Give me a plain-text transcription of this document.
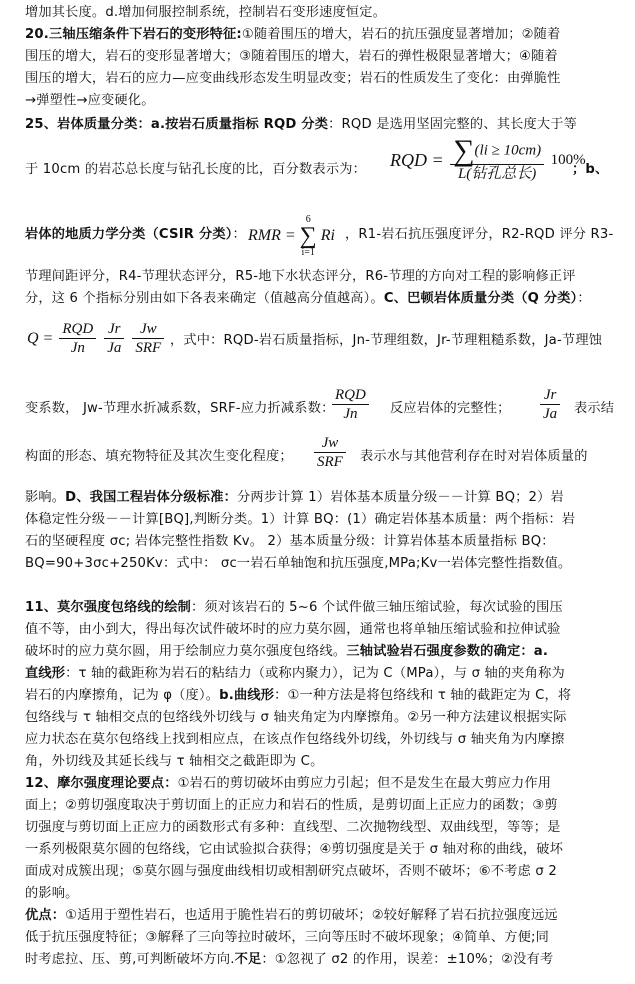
增加其长度。d.增加伺服控制系统，控制岩石变形速度恒定。
20.三轴压缩条件下岩石的变形特征:①随着围压的增大，岩石的抗压强度显著增加；②随着
围压的增大，岩石的变形显著增大；③随着围压的增大，岩石的弹性极限显著增大；④随着
围压的增大，岩石的应力—应变曲线形态发生明显改变；岩石的性质发生了变化：由弹脆性
→弹塑性→应变硬化。
25、岩体质量分类：a.按岩石质量指标 RQD 分类：RQD 是选用坚固完整的、其长度大于等
于 10cm 的岩芯总长度与钻孔长度的比，百分数表示为： RQD = $\frac{\sum(li \ge 10cm)}{\text{L(钻孔总长)}} 100\%$
；b、
岩体的地质力学分类（CSIR 分类）： RMR =
6
∑
i=1
Ri ，R1-岩石抗压强度评分，R2-RQD 评分 R3-
节理间距评分，R4-节理状态评分，R5-地下水状态评分，R6-节理的方向对工程的影响修正评
分，这 6 个指标分别由如下各表来确定（值越高分值越高）。C、巴顿岩体质量分类（Q 分类）：
$Q = \frac{\text{RQD}}{Jn}$
$\frac{Jr}{Ja}$
$\frac{Jw}{\text{SRF}}$ ，式中：RQD-岩石质量指标，Jn-节理组数，Jr-节理粗糙系数，Ja-节理蚀
变系数， Jw-节理水折减系数，SRF-应力折减系数：
$\frac{\text{RQD}}{Jn}$ 反应岩体的完整性； $\frac{Jr}{Ja}$ 表示结
构面的形态、填充物特征及其次生变化程度； $\frac{Jw}{\text{SRF}}$ 表示水与其他营利存在时对岩体质量的
影响。D、我国工程岩体分级标准：分两步计算 1）岩体基本质量分级－－计算 BQ；2）岩
体稳定性分级－－计算[BQ],判断分类。1）计算 BQ：(1）确定岩体基本质量：两个指标：岩
石的坚硬程度 σc; 岩体完整性指数 Kv。 2）基本质量分级：计算岩体基本质量指标 BQ：
BQ=90+3σc+250Kv：式中： σc一岩石单轴饱和抗压强度,MPa;Kv一岩体完整性指数值。
11、莫尔强度包络线的绘制：须对该岩石的 5~6 个试件做三轴压缩试验，每次试验的围压
值不等，由小到大，得出每次试件破坏时的应力莫尔圆，通常也将单轴压缩试验和拉伸试验
破坏时的应力莫尔圆，用于绘制应力莫尔强度包络线。三轴试验岩石强度参数的确定：a.
直线形：τ 轴的截距称为岩石的粘结力（或称内聚力），记为 C（MPa），与 σ 轴的夹角称为
岩石的内摩擦角，记为 φ（度）。b.曲线形：①一种方法是将包络线和 τ 轴的截距定为 C，将
包络线与 τ 轴相交点的包络线外切线与 σ 轴夹角定为内摩擦角。②另一种方法建议根据实际
应力状态在莫尔包络线上找到相应点，在该点作包络线外切线，外切线与 σ 轴夹角为内摩擦
角，外切线及其延长线与 τ 轴相交之截距即为 C。
12、摩尔强度理论要点：①岩石的剪切破坏由剪应力引起；但不是发生在最大剪应力作用
面上；②剪切强度取决于剪切面上的正应力和岩石的性质，是剪切面上正应力的函数；③剪
切强度与剪切面上正应力的函数形式有多种：直线型、二次抛物线型、双曲线型，等等；是
一系列极限莫尔圆的包络线，它由试验拟合获得；④剪切强度是关于 σ 轴对称的曲线，破坏
面成对成簇出现；⑤莫尔圆与强度曲线相切或相割研究点破坏，否则不破坏；⑥不考虑 σ 2
的影响。
优点：①适用于塑性岩石，也适用于脆性岩石的剪切破坏；②较好解释了岩石抗拉强度远远
低于抗压强度特征；③解释了三向等拉时破坏，三向等压时不破坏现象；④简单、方便;同
时考虑拉、压、剪,可判断破坏方向.不足：①忽视了 σ2 的作用，误差：±10%；②没有考
